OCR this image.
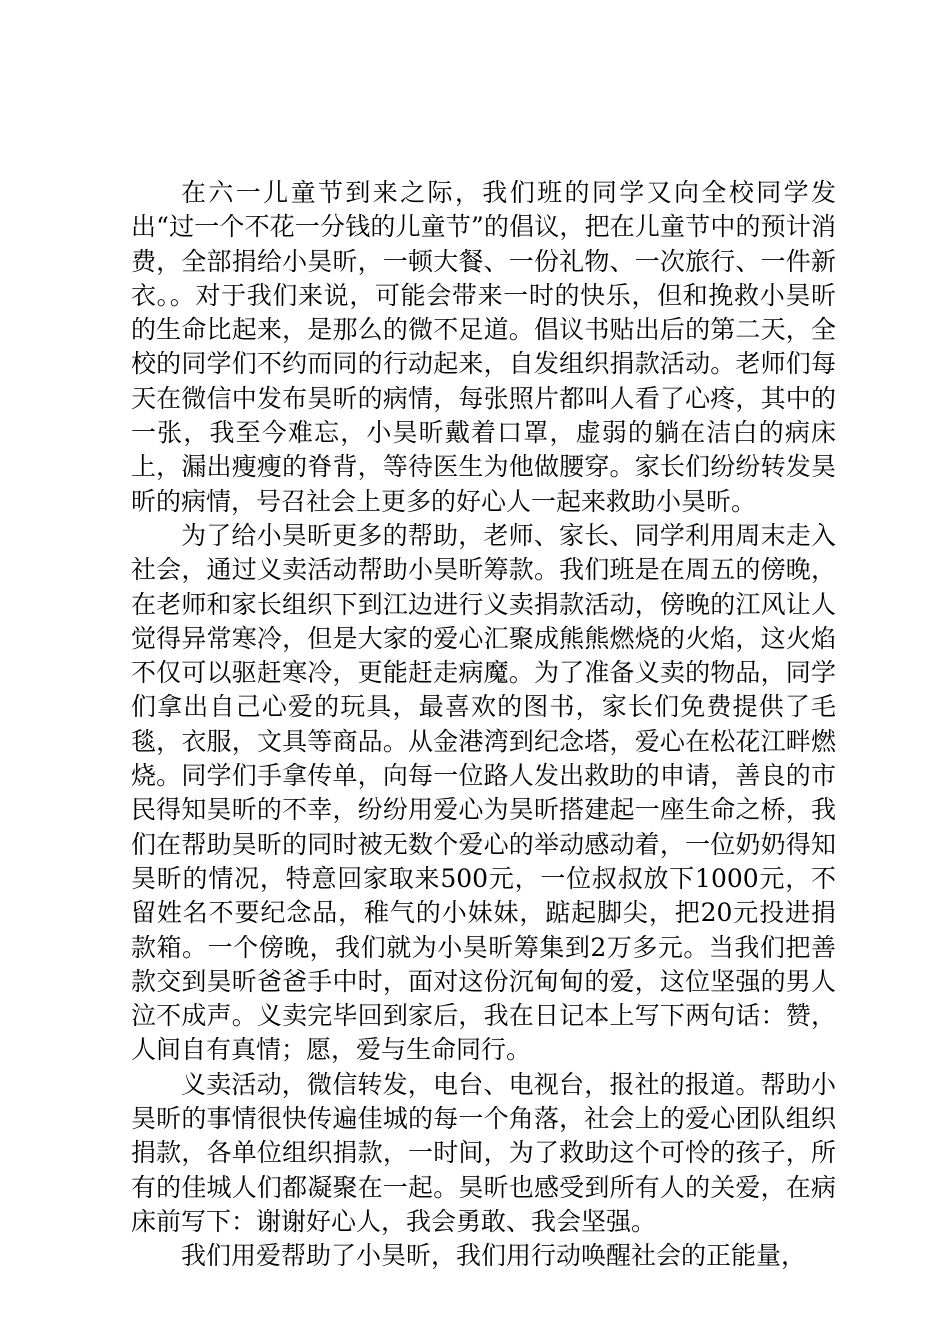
在六一儿童节到来之际，我们班的同学又向全校同学发出“过一个不花一分钱的儿童节”的倡议，把在儿童节中的预计消费，全部捐给小昊昕，一顿大餐、一份礼物、一次旅行、一件新衣。。对于我们来说，可能会带来一时的快乐，但和挽救小昊昕的生命比起来，是那么的微不足道。倡议书贴出后的第二天，全校的同学们不约而同的行动起来，自发组织捐款活动。老师们每天在微信中发布昊昕的病情，每张照片都叫人看了心疼，其中的一张，我至今难忘，小昊昕戴着口罩，虚弱的躺在洁白的病床上，漏出瘦瘦的脊背，等待医生为他做腰穿。家长们纷纷转发昊昕的病情，号召社会上更多的好心人一起来救助小昊昕。

为了给小昊昕更多的帮助，老师、家长、同学利用周末走入社会，通过义卖活动帮助小昊昕筹款。我们班是在周五的傍晚，在老师和家长组织下到江边进行义卖捐款活动，傍晚的江风让人觉得异常寒冷，但是大家的爱心汇聚成熊熊燃烧的火焰，这火焰不仅可以驱赶寒冷，更能赶走病魔。为了准备义卖的物品，同学们拿出自己心爱的玩具，最喜欢的图书，家长们免费提供了毛毯，衣服，文具等商品。从金港湾到纪念塔，爱心在松花江畔燃烧。同学们手拿传单，向每一位路人发出救助的申请，善良的市民得知昊昕的不幸，纷纷用爱心为昊昕搭建起一座生命之桥，我们在帮助昊昕的同时被无数个爱心的举动感动着，一位奶奶得知昊昕的情况，特意回家取来500元，一位叔叔放下1000元，不留姓名不要纪念品，稚气的小妹妹，踮起脚尖，把20元投进捐款箱。一个傍晚，我们就为小昊昕筹集到2万多元。当我们把善款交到昊昕爸爸手中时，面对这份沉甸甸的爱，这位坚强的男人泣不成声。义卖完毕回到家后，我在日记本上写下两句话：赞，人间自有真情；愿，爱与生命同行。

义卖活动，微信转发，电台、电视台，报社的报道。帮助小昊昕的事情很快传遍佳城的每一个角落，社会上的爱心团队组织捐款，各单位组织捐款，一时间，为了救助这个可怜的孩子，所有的佳城人们都凝聚在一起。昊昕也感受到所有人的关爱，在病床前写下：谢谢好心人，我会勇敢、我会坚强。

我们用爱帮助了小昊昕，我们用行动唤醒社会的正能量，
